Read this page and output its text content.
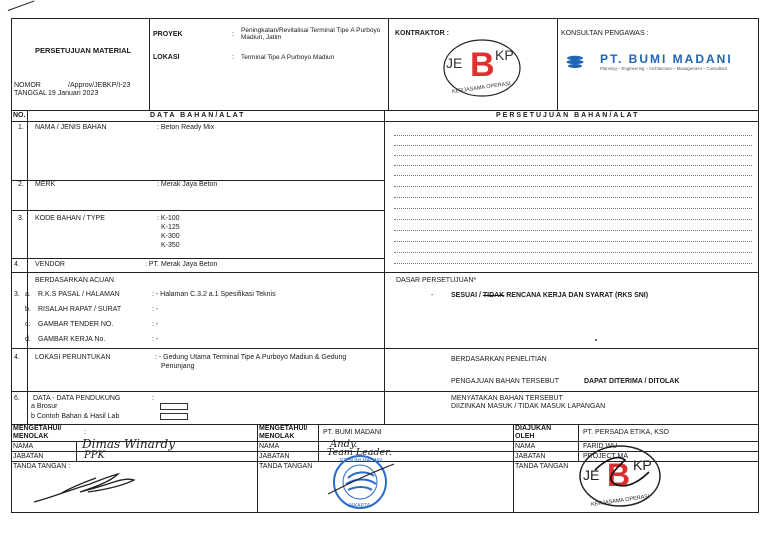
PERSETUJUAN MATERIAL
NOMOR	/Approv/JEBKP/I-23
TANGGAL 19 Januari 2023
PROYEK	:
Peningkatan/Revitalisai Terminal Tipe A Purboyo Madiun, Jatim
LOKASI	: Terminal Tipe A Purboyo Madiun
KONTRAKTOR :
JE B KP
KERJASAMA OPERASI
KONSULTAN PENGAWAS :
PT. BUMI MADANI
Planning – Engineering – Architecture – Management – Consultant
NO.	DATA BAHAN/ALAT	PERSETUJUAN BAHAN/ALAT
1. NAMA / JENIS BAHAN	: Beton Ready Mix
2. MERK	: Merak Jaya Beton
3. KODE BAHAN / TYPE	: K-100
K-125
K-300
K-350
4. VENDOR	: PT. Merak Jaya Beton
BERDASARKAN ACUAN
3. a. R.K.S PASAL / HALAMAN	: - Halaman C.3.2 a.1 Spesifikasi Teknis
b. RISALAH RAPAT / SURAT	: -
c. GAMBAR TENDER NO.	: -
d. GAMBAR KERJA No.	: -
4. LOKASI PERUNTUKAN	: - Gedung Utama Terminal Tipe A Purboyo Madiun & Gedung
Penunjang
6. DATA - DATA PENDUKUNG
a Brosur
b Contoh Bahan & Hasil Lab
:
DASAR PERSETUJUAN*
-	SESUAI / TIDAK RENCANA KERJA DAN SYARAT (RKS SNI)
BERDASARKAN PENELITIAN
PENGAJUAN BAHAN TERSEBUT	DAPAT DITERIMA / DITOLAK
MENYATAKAN BAHAN TERSEBUT
DIIZINKAN MASUK / TIDAK MASUK LAPANGAN
MENGETAHUI/
MENOLAK
:
NAMA	Dimas Winardy
JABATAN	PPK
TANDA TANGAN :
MENGETAHUI/
MENOLAK
PT. BUMI MADANI
NAMA	Andy.
JABATAN	Team Leader.
TANDA TANGAN
PT. BUMI MADANI
JAKARTA
DIAJUKAN
OLEH
PT. PERSADA ETIKA, KSO
NAMA	FARID WU
JABATAN	PROJECT MA
TANDA TANGAN
JE B KP
KERJASAMA OPERASI
